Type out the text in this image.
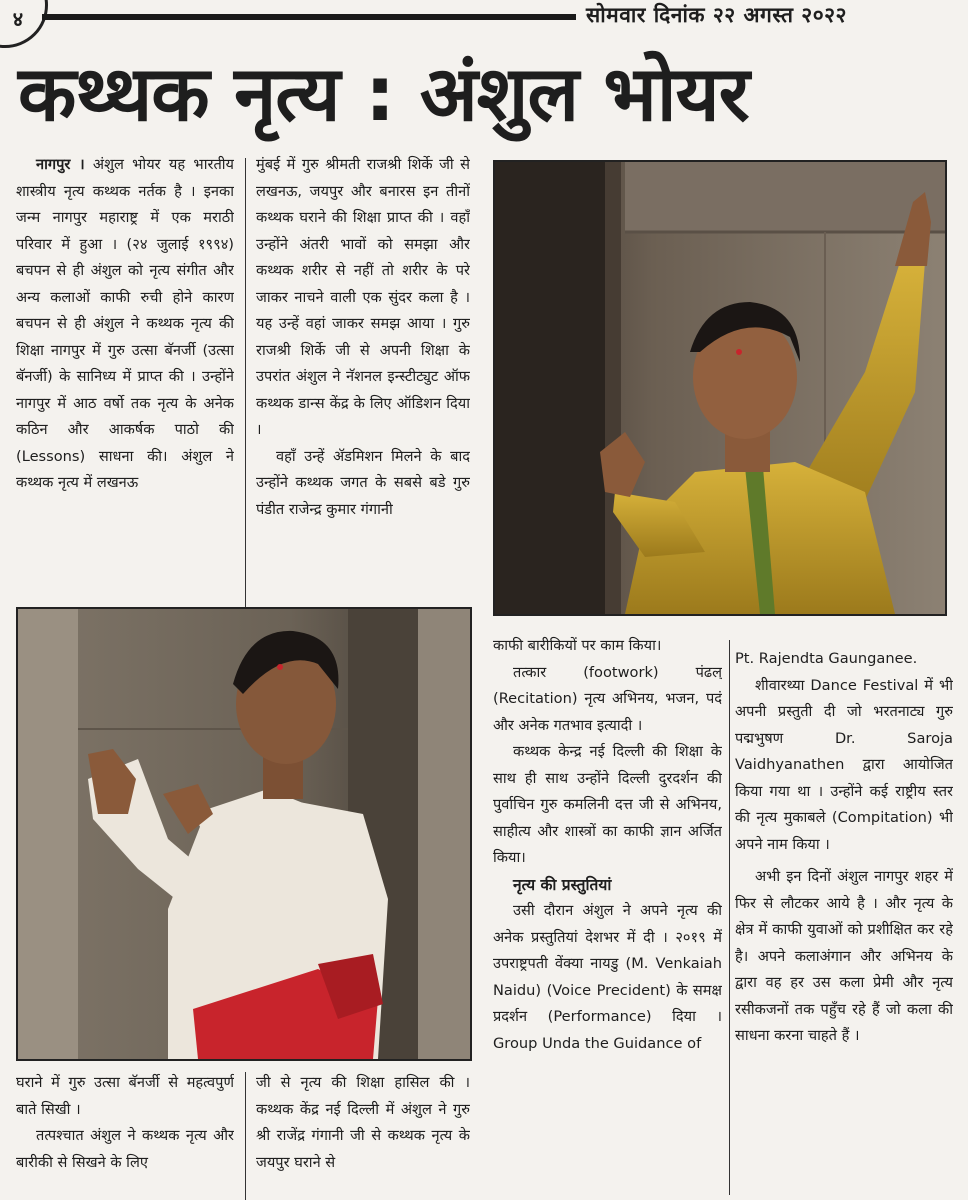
४	सोमवार दिनांक २२ अगस्त २०२२
कथ्थक नृत्य : अंशुल भोयर

नागपुर । अंशुल भोयर यह भारतीय शास्त्रीय नृत्य कथ्थक नर्तक है । इनका जन्म नागपुर महाराष्ट्र में एक मराठी परिवार में हुआ । (२४ जुलाई १९९४) बचपन से ही अंशुल को नृत्य संगीत और अन्य कलाओं काफी रुची होने कारण बचपन से ही अंशुल ने कथ्थक नृत्य की शिक्षा नागपुर में गुरु उत्सा बॅनर्जी (उत्सा बॅनर्जी) के सानिध्य में प्राप्त की । उन्होंने नागपुर में आठ वर्षो तक नृत्य के अनेक कठिन और आकर्षक पाठो की (Lessons) साधना की। अंशुल ने कथ्थक नृत्य में लखनऊ

मुंबई में गुरु श्रीमती राजश्री शिर्के जी से लखनऊ, जयपुर और बनारस इन तीनों कथ्थक घराने की शिक्षा प्राप्त की । वहाँ उन्होंने अंतरी भावों को समझा और कथ्थक शरीर से नहीं तो शरीर के परे जाकर नाचने वाली एक सुंदर कला है । यह उन्हें वहां जाकर समझ आया । गुरु राजश्री शिर्के जी से अपनी शिक्षा के उपरांत अंशुल ने नॅशनल इन्स्टीट्युट ऑफ कथ्थक डान्स केंद्र के लिए ऑडिशन दिया ।

वहाँ उन्हें ॲडमिशन मिलने के बाद उन्होंने कथ्थक जगत के सबसे बडे गुरु पंडीत राजेन्द्र कुमार गंगानी

काफी बारीकियों पर काम किया।

तत्कार (footwork) पंढल् (Recitation) नृत्य अभिनय, भजन, पदं और अनेक गतभाव इत्यादी ।

कथ्थक केन्द्र नई दिल्ली की शिक्षा के साथ ही साथ उन्होंने दिल्ली दुरदर्शन की पुर्वाचिन गुरु कमलिनी दत्त जी से अभिनय, साहीत्य और शास्त्रों का काफी ज्ञान अर्जित किया।

नृत्य की प्रस्तुतियां

उसी दौरान अंशुल ने अपने नृत्य की अनेक प्रस्तुतियां देशभर में दी । २०१९ में उपराष्ट्रपती वेंक्या नायडु (M. Venkaiah Naidu) (Voice Precident) के समक्ष प्रदर्शन (Performance) दिया । Group Unda the Guidance of

Pt. Rajendta Gaunganee.

शीवारथ्या Dance Festival में भी अपनी प्रस्तुती दी जो भरतनाट्य गुरु पद्मभुषण Dr. Saroja Vaidhyanathen द्वारा आयोजित किया गया था । उन्होंने कई राष्ट्रीय स्तर की नृत्य मुकाबले (Compitation) भी अपने नाम किया ।

अभी इन दिनों अंशुल नागपुर शहर में फिर से लौटकर आये है । और नृत्य के क्षेत्र में काफी युवाओं को प्रशीक्षित कर रहे है। अपने कलाअंगान और अभिनय के द्वारा वह हर उस कला प्रेमी और नृत्य रसीकजनों तक पहुँच रहे हैं जो कला की साधना करना चाहते हैं ।

घराने में गुरु उत्सा बॅनर्जी से महत्वपुर्ण बाते सिखी ।

तत्पश्चात अंशुल ने कथ्थक नृत्य और बारीकी से सिखने के लिए

जी से नृत्य की शिक्षा हासिल की । कथ्थक केंद्र नई दिल्ली में अंशुल ने गुरु श्री राजेंद्र गंगानी जी से कथ्थक नृत्य के जयपुर घराने से
